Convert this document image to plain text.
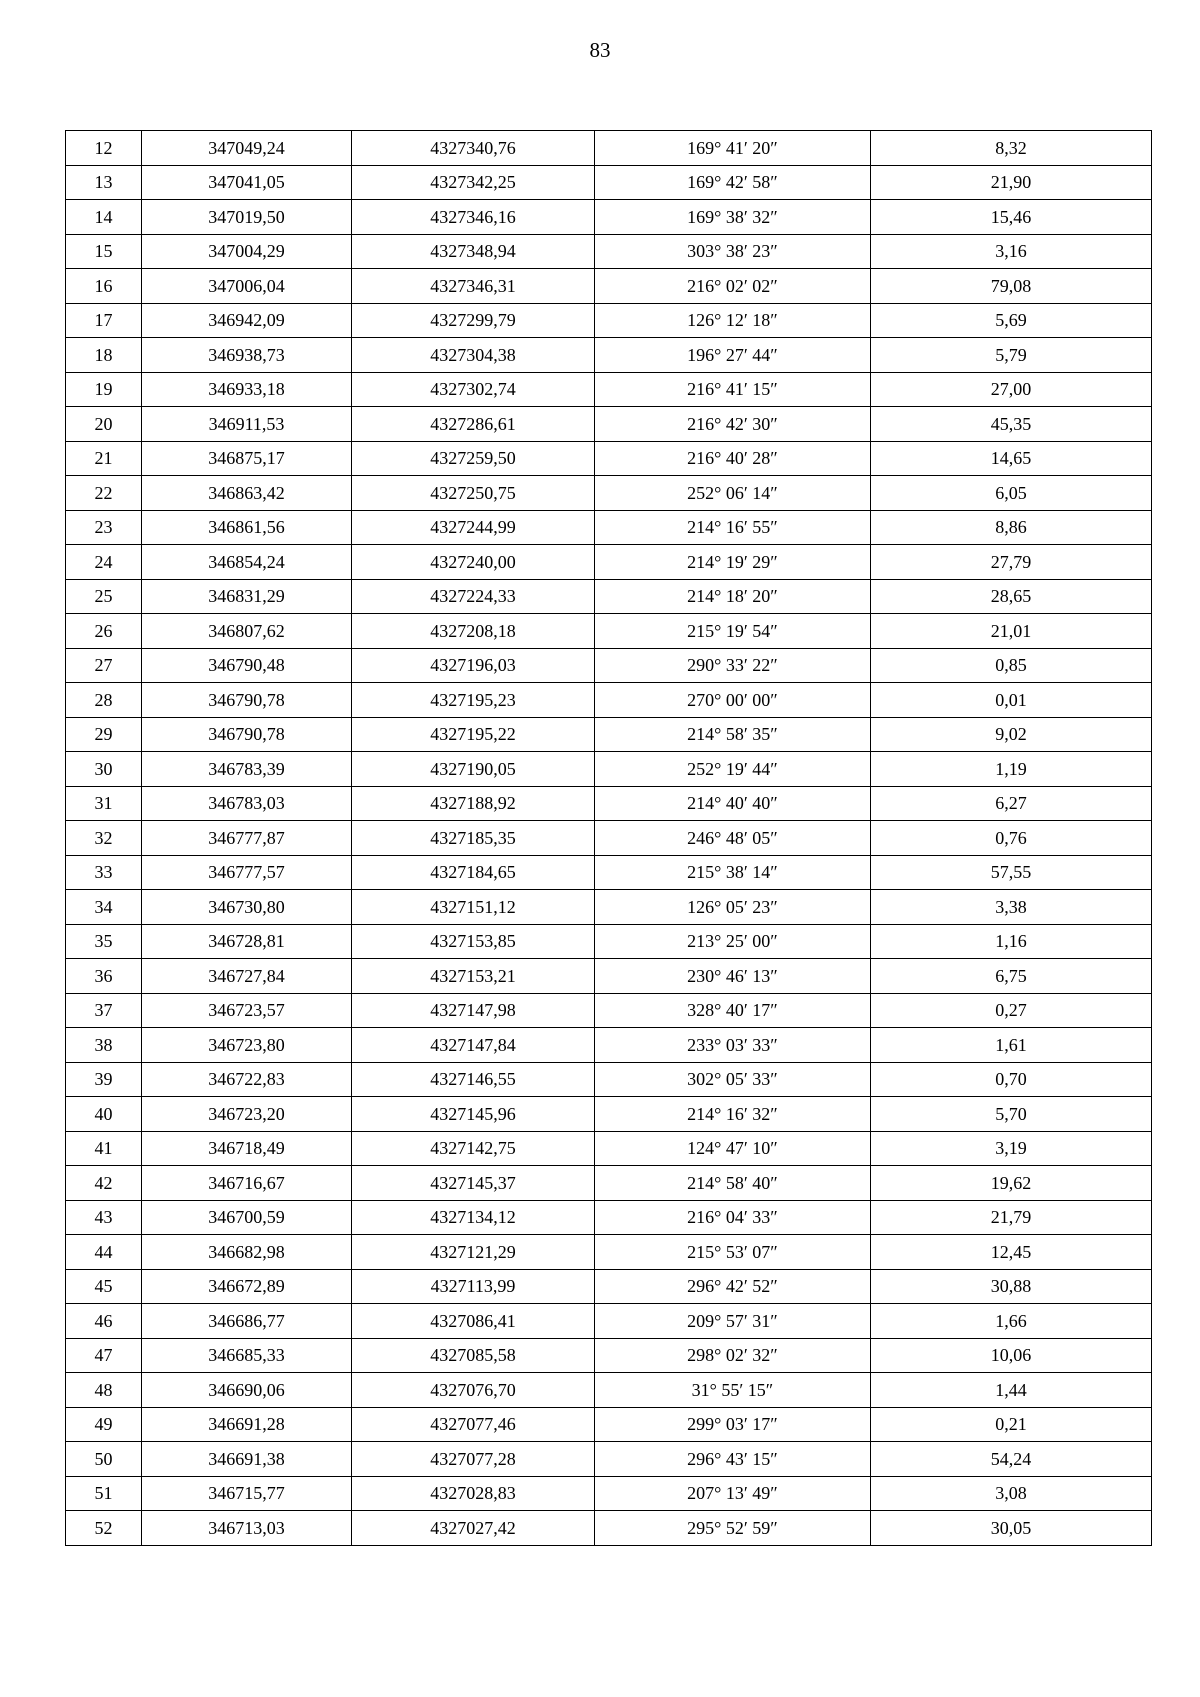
83
12	347049,24	4327340,76	169° 41′ 20″	8,32
13	347041,05	4327342,25	169° 42′ 58″	21,90
14	347019,50	4327346,16	169° 38′ 32″	15,46
15	347004,29	4327348,94	303° 38′ 23″	3,16
16	347006,04	4327346,31	216° 02′ 02″	79,08
17	346942,09	4327299,79	126° 12′ 18″	5,69
18	346938,73	4327304,38	196° 27′ 44″	5,79
19	346933,18	4327302,74	216° 41′ 15″	27,00
20	346911,53	4327286,61	216° 42′ 30″	45,35
21	346875,17	4327259,50	216° 40′ 28″	14,65
22	346863,42	4327250,75	252° 06′ 14″	6,05
23	346861,56	4327244,99	214° 16′ 55″	8,86
24	346854,24	4327240,00	214° 19′ 29″	27,79
25	346831,29	4327224,33	214° 18′ 20″	28,65
26	346807,62	4327208,18	215° 19′ 54″	21,01
27	346790,48	4327196,03	290° 33′ 22″	0,85
28	346790,78	4327195,23	270° 00′ 00″	0,01
29	346790,78	4327195,22	214° 58′ 35″	9,02
30	346783,39	4327190,05	252° 19′ 44″	1,19
31	346783,03	4327188,92	214° 40′ 40″	6,27
32	346777,87	4327185,35	246° 48′ 05″	0,76
33	346777,57	4327184,65	215° 38′ 14″	57,55
34	346730,80	4327151,12	126° 05′ 23″	3,38
35	346728,81	4327153,85	213° 25′ 00″	1,16
36	346727,84	4327153,21	230° 46′ 13″	6,75
37	346723,57	4327147,98	328° 40′ 17″	0,27
38	346723,80	4327147,84	233° 03′ 33″	1,61
39	346722,83	4327146,55	302° 05′ 33″	0,70
40	346723,20	4327145,96	214° 16′ 32″	5,70
41	346718,49	4327142,75	124° 47′ 10″	3,19
42	346716,67	4327145,37	214° 58′ 40″	19,62
43	346700,59	4327134,12	216° 04′ 33″	21,79
44	346682,98	4327121,29	215° 53′ 07″	12,45
45	346672,89	4327113,99	296° 42′ 52″	30,88
46	346686,77	4327086,41	209° 57′ 31″	1,66
47	346685,33	4327085,58	298° 02′ 32″	10,06
48	346690,06	4327076,70	31° 55′ 15″	1,44
49	346691,28	4327077,46	299° 03′ 17″	0,21
50	346691,38	4327077,28	296° 43′ 15″	54,24
51	346715,77	4327028,83	207° 13′ 49″	3,08
52	346713,03	4327027,42	295° 52′ 59″	30,05
